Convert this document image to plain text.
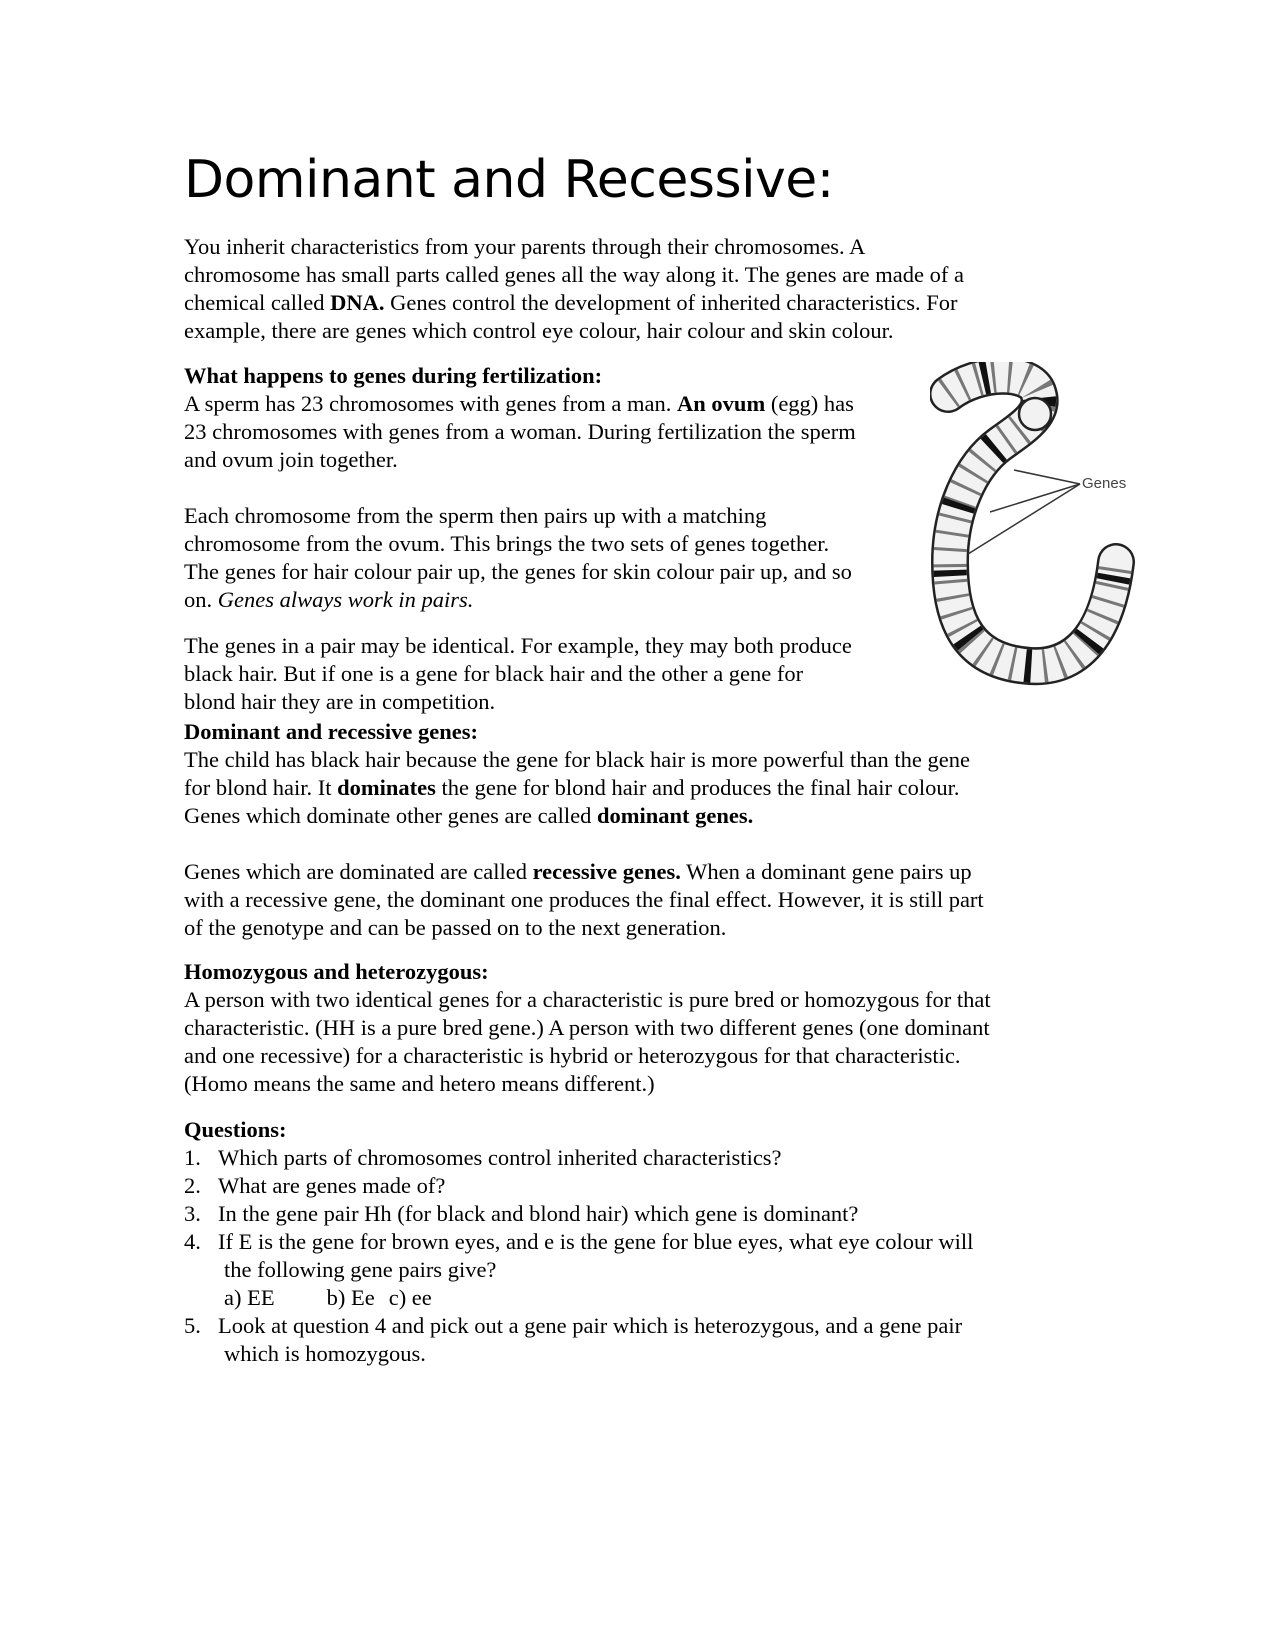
Dominant and Recessive:
You inherit characteristics from your parents through their chromosomes. A
chromosome has small parts called genes all the way along it. The genes are made of a
chemical called DNA. Genes control the development of inherited characteristics. For
example, there are genes which control eye colour, hair colour and skin colour.
What happens to genes during fertilization:
A sperm has 23 chromosomes with genes from a man. An ovum (egg) has
23 chromosomes with genes from a woman. During fertilization the sperm
and ovum join together.
Each chromosome from the sperm then pairs up with a matching
chromosome from the ovum. This brings the two sets of genes together.
The genes for hair colour pair up, the genes for skin colour pair up, and so
on. Genes always work in pairs.
The genes in a pair may be identical. For example, they may both produce
black hair. But if one is a gene for black hair and the other a gene for
blond hair they are in competition.
Genes
Dominant and recessive genes:
The child has black hair because the gene for black hair is more powerful than the gene
for blond hair. It dominates the gene for blond hair and produces the final hair colour.
Genes which dominate other genes are called dominant genes.
Genes which are dominated are called recessive genes. When a dominant gene pairs up
with a recessive gene, the dominant one produces the final effect. However, it is still part
of the genotype and can be passed on to the next generation.
Homozygous and heterozygous:
A person with two identical genes for a characteristic is pure bred or homozygous for that
characteristic. (HH is a pure bred gene.) A person with two different genes (one dominant
and one recessive) for a characteristic is hybrid or heterozygous for that characteristic.
(Homo means the same and hetero means different.)
Questions:
1. Which parts of chromosomes control inherited characteristics?
2. What are genes made of?
3. In the gene pair Hh (for black and blond hair) which gene is dominant?
4. If E is the gene for brown eyes, and e is the gene for blue eyes, what eye colour will
the following gene pairs give?
a) EE b) Ee c) ee
5. Look at question 4 and pick out a gene pair which is heterozygous, and a gene pair
which is homozygous.
